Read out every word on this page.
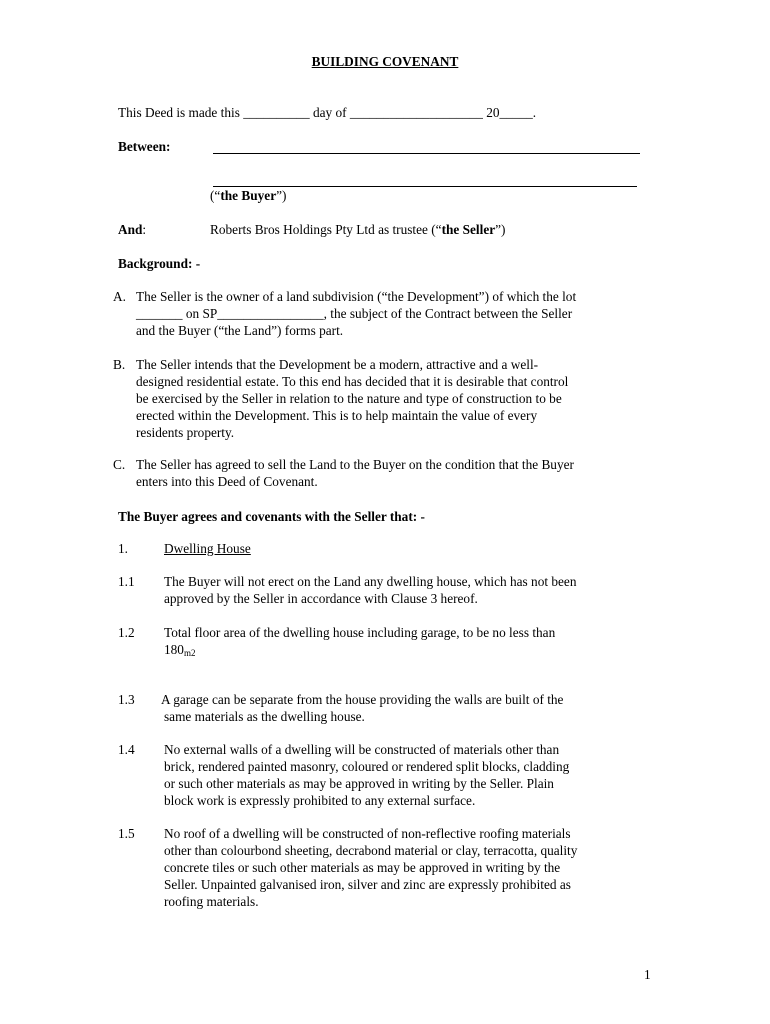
BUILDING COVENANT
This Deed is made this __________ day of ____________________ 20_____.
Between:
(“the Buyer”)
And:	Roberts Bros Holdings Pty Ltd as trustee (“the Seller”)
Background: -
A. The Seller is the owner of a land subdivision (“the Development”) of which the lot
_______ on SP________________, the subject of the Contract between the Seller
and the Buyer (“the Land”) forms part.
B. The Seller intends that the Development be a modern, attractive and a well-
designed residential estate. To this end has decided that it is desirable that control
be exercised by the Seller in relation to the nature and type of construction to be
erected within the Development. This is to help maintain the value of every
residents property.
C. The Seller has agreed to sell the Land to the Buyer on the condition that the Buyer
enters into this Deed of Covenant.
The Buyer agrees and covenants with the Seller that: -
1.	Dwelling House
1.1 The Buyer will not erect on the Land any dwelling house, which has not been
approved by the Seller in accordance with Clause 3 hereof.
1.2 Total floor area of the dwelling house including garage, to be no less than
$180_{m2}$
1.3 A garage can be separate from the house providing the walls are built of the
same materials as the dwelling house.
1.4 No external walls of a dwelling will be constructed of materials other than
brick, rendered painted masonry, coloured or rendered split blocks, cladding
or such other materials as may be approved in writing by the Seller. Plain
block work is expressly prohibited to any external surface.
1.5 No roof of a dwelling will be constructed of non-reflective roofing materials
other than colourbond sheeting, decrabond material or clay, terracotta, quality
concrete tiles or such other materials as may be approved in writing by the
Seller. Unpainted galvanised iron, silver and zinc are expressly prohibited as
roofing materials.
1
